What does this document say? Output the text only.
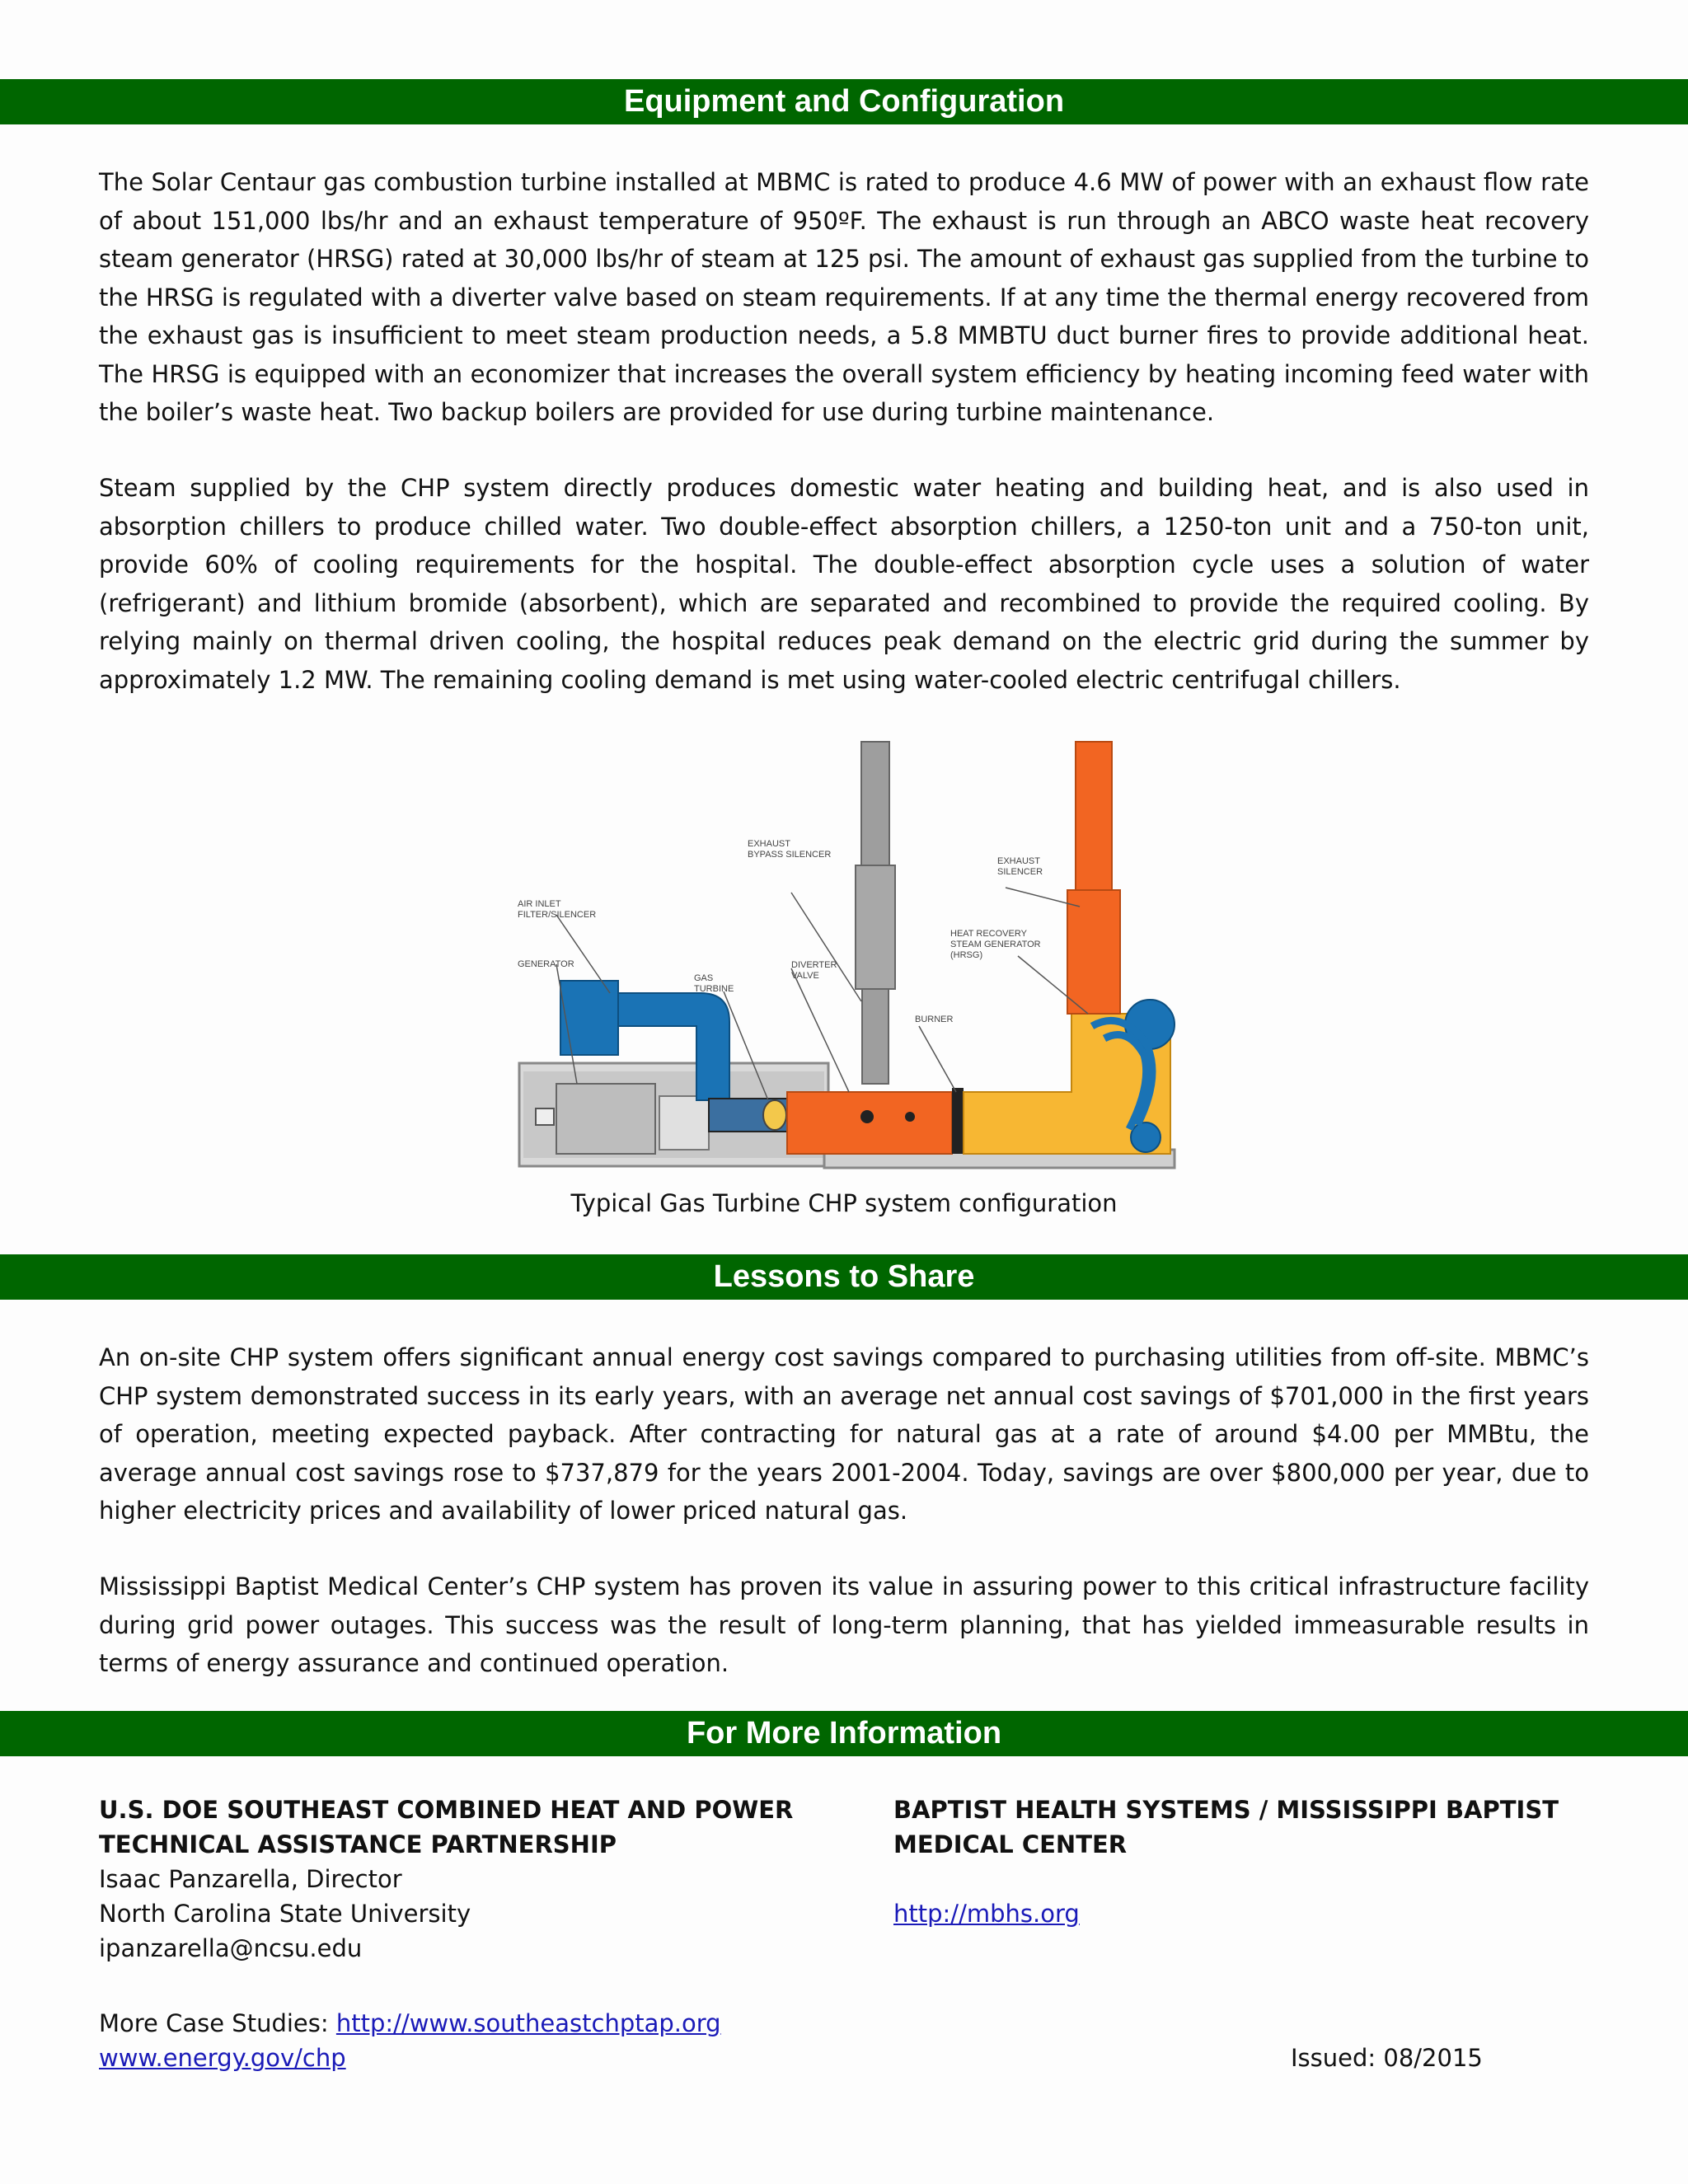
Equipment and Configuration

The Solar Centaur gas combustion turbine installed at MBMC is rated to produce 4.6 MW of power with an exhaust flow rate of about 151,000 lbs/hr and an exhaust temperature of 950ºF. The exhaust is run through an ABCO waste heat recovery steam generator (HRSG) rated at 30,000 lbs/hr of steam at 125 psi. The amount of exhaust gas supplied from the turbine to the HRSG is regulated with a diverter valve based on steam requirements. If at any time the thermal energy recovered from the exhaust gas is insufficient to meet steam production needs, a 5.8 MMBTU duct burner fires to provide additional heat. The HRSG is equipped with an economizer that increases the overall system efficiency by heating incoming feed water with the boiler’s waste heat. Two backup boilers are provided for use during turbine maintenance.

Steam supplied by the CHP system directly produces domestic water heating and building heat, and is also used in absorption chillers to produce chilled water. Two double-effect absorption chillers, a 1250-ton unit and a 750-ton unit, provide 60% of cooling requirements for the hospital. The double-effect absorption cycle uses a solution of water (refrigerant) and lithium bromide (absorbent), which are separated and recombined to provide the required cooling. By relying mainly on thermal driven cooling, the hospital reduces peak demand on the electric grid during the summer by approximately 1.2 MW. The remaining cooling demand is met using water-cooled electric centrifugal chillers.

AIR INLET
FILTER/SILENCER
GENERATOR
GAS
TURBINE
EXHAUST
BYPASS SILENCER
DIVERTER
VALVE
BURNER
EXHAUST
SILENCER
HEAT RECOVERY
STEAM GENERATOR
(HRSG)
Typical Gas Turbine CHP system configuration
Lessons to Share

An on-site CHP system offers significant annual energy cost savings compared to purchasing utilities from off-site. MBMC’s CHP system demonstrated success in its early years, with an average net annual cost savings of $701,000 in the first years of operation, meeting expected payback. After contracting for natural gas at a rate of around $4.00 per MMBtu, the average annual cost savings rose to $737,879 for the years 2001-2004. Today, savings are over $800,000 per year, due to higher electricity prices and availability of lower priced natural gas.

Mississippi Baptist Medical Center’s CHP system has proven its value in assuring power to this critical infrastructure facility during grid power outages. This success was the result of long-term planning, that has yielded immeasurable results in terms of energy assurance and continued operation.

For More Information
U.S. DOE SOUTHEAST COMBINED HEAT AND POWER
TECHNICAL ASSISTANCE PARTNERSHIP
Isaac Panzarella, Director
North Carolina State University
ipanzarella@ncsu.edu
BAPTIST HEALTH SYSTEMS / MISSISSIPPI BAPTIST
MEDICAL CENTER
http://mbhs.org
More Case Studies: http://www.southeastchptap.org
www.energy.gov/chp	Issued: 08/2015
